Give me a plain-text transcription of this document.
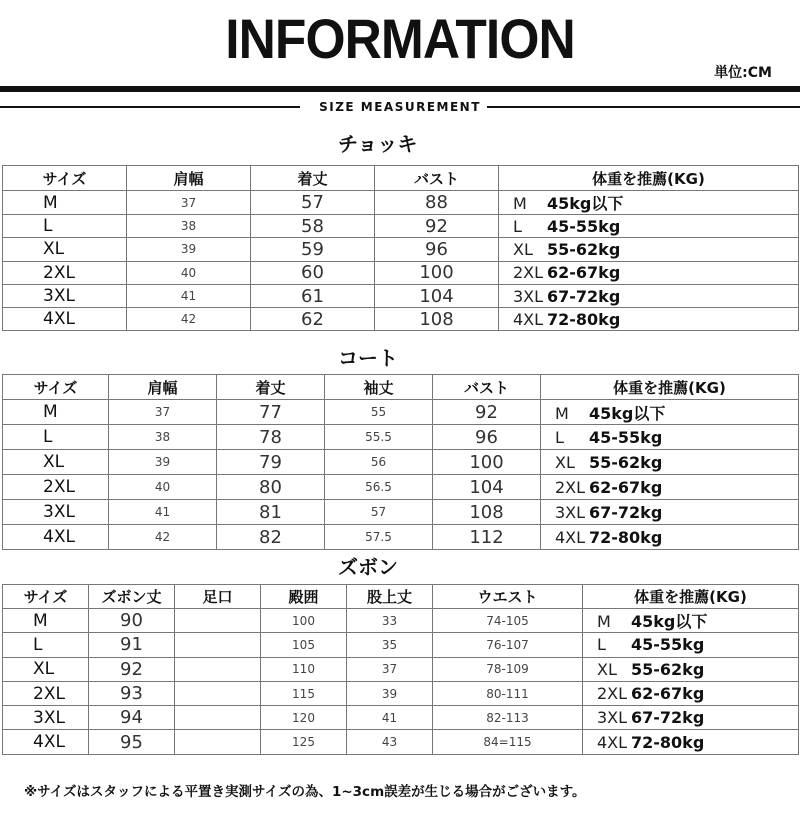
INFORMATION
単位:CM
SIZE MEASUREMENT
チョッキ
サイズ	肩幅	着丈	バスト	体重を推薦(KG)
M	37	57	88	M 45kg以下
L	38	58	92	L 45-55kg
XL	39	59	96	XL 55-62kg
2XL	40	60	100	2XL 62-67kg
3XL	41	61	104	3XL 67-72kg
4XL	42	62	108	4XL 72-80kg
コート
サイズ	肩幅	着丈	袖丈	バスト	体重を推薦(KG)
M	37	77	55	92	M 45kg以下
L	38	78	55.5	96	L 45-55kg
XL	39	79	56	100	XL 55-62kg
2XL	40	80	56.5	104	2XL 62-67kg
3XL	41	81	57	108	3XL 67-72kg
4XL	42	82	57.5	112	4XL 72-80kg
ズボン
サイズ	ズボン丈	足口	殿囲	股上丈	ウエスト	体重を推薦(KG)
M	90		100	33	74-105	M 45kg以下
L	91		105	35	76-107	L 45-55kg
XL	92		110	37	78-109	XL 55-62kg
2XL	93		115	39	80-111	2XL 62-67kg
3XL	94		120	41	82-113	3XL 67-72kg
4XL	95		125	43	84=115	4XL 72-80kg
※サイズはスタッフによる平置き実測サイズの為、1~3cm誤差が生じる場合がございます。
